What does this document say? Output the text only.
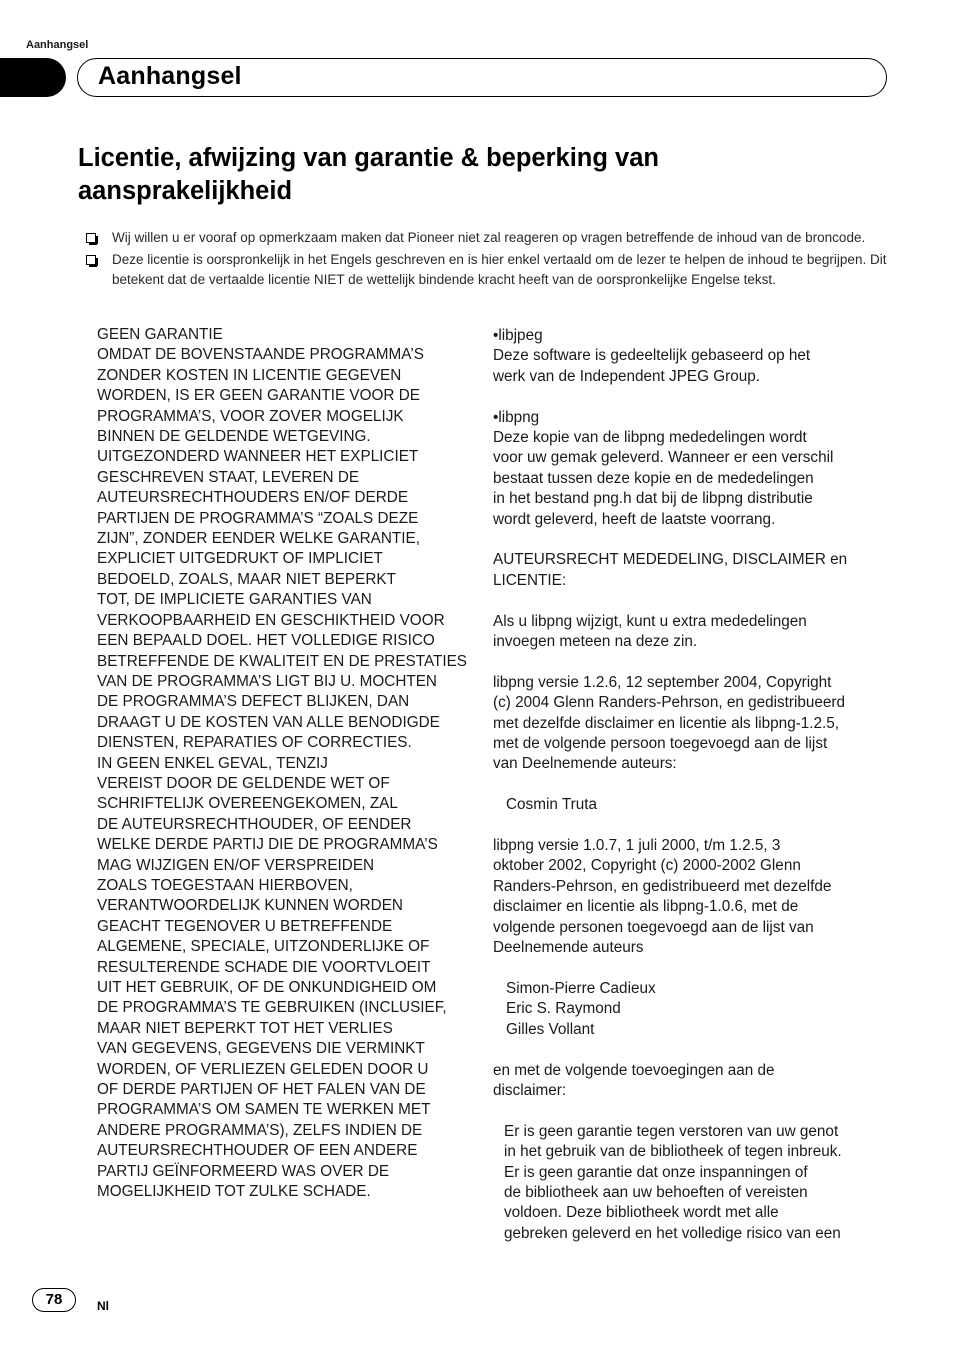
Aanhangsel
Aanhangsel
Licentie, afwijzing van garantie & beperking van aansprakelijkheid
Wij willen u er vooraf op opmerkzaam maken dat Pioneer niet zal reageren op vragen betreffende de inhoud van de broncode.
Deze licentie is oorspronkelijk in het Engels geschreven en is hier enkel vertaald om de lezer te helpen de inhoud te begrijpen. Dit betekent dat de vertaalde licentie NIET de wettelijk bindende kracht heeft van de oorspronkelijke Engelse tekst.
GEEN GARANTIE
OMDAT DE BOVENSTAANDE PROGRAMMA’S
ZONDER KOSTEN IN LICENTIE GEGEVEN
WORDEN, IS ER GEEN GARANTIE VOOR DE
PROGRAMMA’S, VOOR ZOVER MOGELIJK
BINNEN DE GELDENDE WETGEVING.
UITGEZONDERD WANNEER HET EXPLICIET
GESCHREVEN STAAT, LEVEREN DE
AUTEURSRECHTHOUDERS EN/OF DERDE
PARTIJEN DE PROGRAMMA’S “ZOALS DEZE
ZIJN”, ZONDER EENDER WELKE GARANTIE,
EXPLICIET UITGEDRUKT OF IMPLICIET
BEDOELD, ZOALS, MAAR NIET BEPERKT
TOT, DE IMPLICIETE GARANTIES VAN
VERKOOPBAARHEID EN GESCHIKTHEID VOOR
EEN BEPAALD DOEL. HET VOLLEDIGE RISICO
BETREFFENDE DE KWALITEIT EN DE PRESTATIES
VAN DE PROGRAMMA’S LIGT BIJ U. MOCHTEN
DE PROGRAMMA’S DEFECT BLIJKEN, DAN
DRAAGT U DE KOSTEN VAN ALLE BENODIGDE
DIENSTEN, REPARATIES OF CORRECTIES.
IN GEEN ENKEL GEVAL, TENZIJ
VEREIST DOOR DE GELDENDE WET OF
SCHRIFTELIJK OVEREENGEKOMEN, ZAL
DE AUTEURSRECHTHOUDER, OF EENDER
WELKE DERDE PARTIJ DIE DE PROGRAMMA’S
MAG WIJZIGEN EN/OF VERSPREIDEN
ZOALS TOEGESTAAN HIERBOVEN,
VERANTWOORDELIJK KUNNEN WORDEN
GEACHT TEGENOVER U BETREFFENDE
ALGEMENE, SPECIALE, UITZONDERLIJKE OF
RESULTERENDE SCHADE DIE VOORTVLOEIT
UIT HET GEBRUIK, OF DE ONKUNDIGHEID OM
DE PROGRAMMA’S TE GEBRUIKEN (INCLUSIEF,
MAAR NIET BEPERKT TOT HET VERLIES
VAN GEGEVENS, GEGEVENS DIE VERMINKT
WORDEN, OF VERLIEZEN GELEDEN DOOR U
OF DERDE PARTIJEN OF HET FALEN VAN DE
PROGRAMMA’S OM SAMEN TE WERKEN MET
ANDERE PROGRAMMA’S), ZELFS INDIEN DE
AUTEURSRECHTHOUDER OF EEN ANDERE
PARTIJ GEÏNFORMEERD WAS OVER DE
MOGELIJKHEID TOT ZULKE SCHADE.
•libjpeg
Deze software is gedeeltelijk gebaseerd op het
werk van de Independent JPEG Group.
•libpng
Deze kopie van de libpng mededelingen wordt
voor uw gemak geleverd. Wanneer er een verschil
bestaat tussen deze kopie en de mededelingen
in het bestand png.h dat bij de libpng distributie
wordt geleverd, heeft de laatste voorrang.
AUTEURSRECHT MEDEDELING, DISCLAIMER en
LICENTIE:
Als u libpng wijzigt, kunt u extra mededelingen
invoegen meteen na deze zin.
libpng versie 1.2.6, 12 september 2004, Copyright
(c) 2004 Glenn Randers-Pehrson, en gedistribueerd
met dezelfde disclaimer en licentie als libpng-1.2.5,
met de volgende persoon toegevoegd aan de lijst
van Deelnemende auteurs:
Cosmin Truta
libpng versie 1.0.7, 1 juli 2000, t/m 1.2.5, 3
oktober 2002, Copyright (c) 2000-2002 Glenn
Randers-Pehrson, en gedistribueerd met dezelfde
disclaimer en licentie als libpng-1.0.6, met de
volgende personen toegevoegd aan de lijst van
Deelnemende auteurs
Simon-Pierre Cadieux
Eric S. Raymond
Gilles Vollant
en met de volgende toevoegingen aan de
disclaimer:
Er is geen garantie tegen verstoren van uw genot
in het gebruik van de bibliotheek of tegen inbreuk.
Er is geen garantie dat onze inspanningen of
de bibliotheek aan uw behoeften of vereisten
voldoen. Deze bibliotheek wordt met alle
gebreken geleverd en het volledige risico van een
78	Nl
